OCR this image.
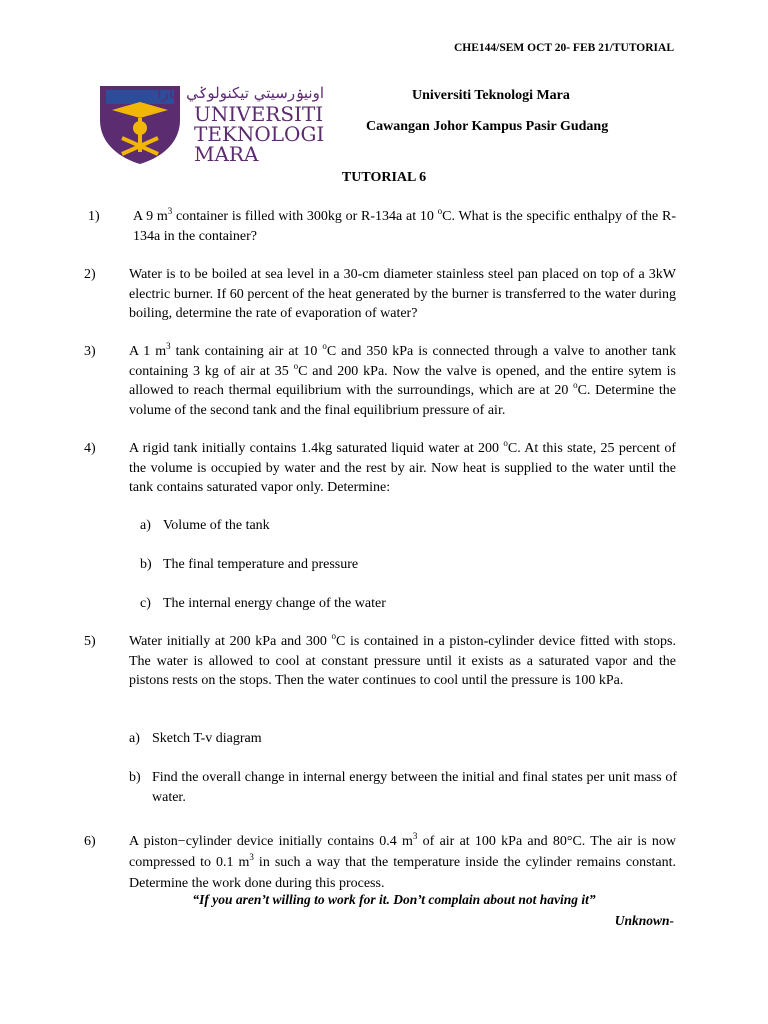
CHE144/SEM OCT 20- FEB 21/TUTORIAL
اونيۏرسيتي تيكنولوݢي مارا
UNIVERSITI
TEKNOLOGI
MARA
Universiti Teknologi Mara
Cawangan Johor Kampus Pasir Gudang
TUTORIAL 6
1) A 9 $m^3$ container is filled with 300kg or R-134a at 10 $^o$C. What is the specific enthalpy of the R-134a in the container?
2) Water is to be boiled at sea level in a 30-cm diameter stainless steel pan placed on top of a 3kW electric burner. If 60 percent of the heat generated by the burner is transferred to the water during boiling, determine the rate of evaporation of water?
3) A 1 $m^3$ tank containing air at 10 $^o$C and 350 kPa is connected through a valve to another tank containing 3 kg of air at 35 $^o$C and 200 kPa. Now the valve is opened, and the entire sytem is allowed to reach thermal equilibrium with the surroundings, which are at 20 $^o$C. Determine the volume of the second tank and the final equilibrium pressure of air.
4) A rigid tank initially contains 1.4kg saturated liquid water at 200 $^o$C. At this state, 25 percent of the volume is occupied by water and the rest by air. Now heat is supplied to the water until the tank contains saturated vapor only. Determine:
a) Volume of the tank
b) The final temperature and pressure
c) The internal energy change of the water
5) Water initially at 200 kPa and 300 $^o$C is contained in a piston-cylinder device fitted with stops. The water is allowed to cool at constant pressure until it exists as a saturated vapor and the pistons rests on the stops. Then the water continues to cool until the pressure is 100 kPa.
a) Sketch T-v diagram
b) Find the overall change in internal energy between the initial and final states per unit mass of water.
6) A piston−cylinder device initially contains 0.4 $m^3$ of air at 100 kPa and 80°C. The air is now compressed to 0.1 $m^3$ in such a way that the temperature inside the cylinder remains constant. Determine the work done during this process.
“If you aren’t willing to work for it. Don’t complain about not having it”
Unknown-
